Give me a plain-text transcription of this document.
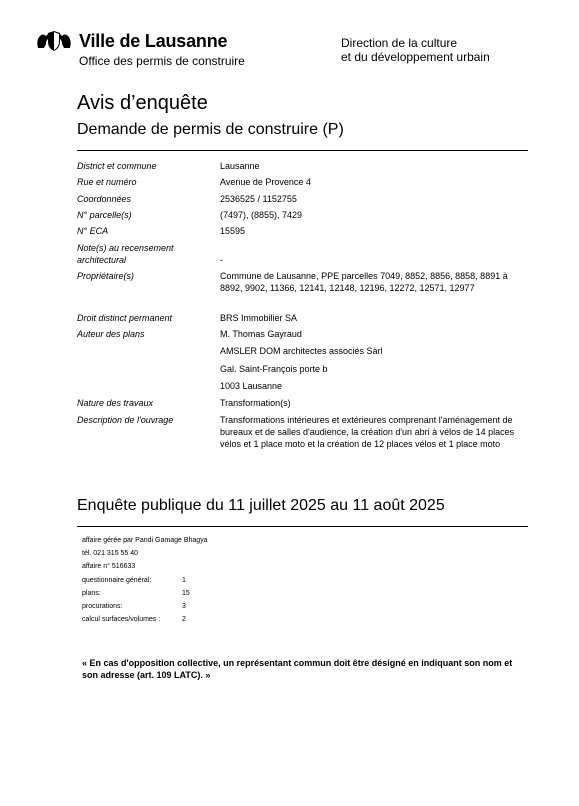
Ville de Lausanne
Office des permis de construire
Direction de la culture
et du développement urbain
Avis d’enquête
Demande de permis de construire (P)
District et commune	Lausanne
Rue et numéro	Avenue de Provence 4
Coordonnées	2536525 / 1152755
N° parcelle(s)	(7497), (8855), 7429
N° ECA	15595
Note(s) au recensement architectural	-
Propriétaire(s)	Commune de Lausanne, PPE parcelles 7049, 8852, 8856, 8858, 8891 à 8892, 9902, 11366, 12141, 12148, 12196, 12272, 12571, 12977
Droit distinct permanent	BRS Immobilier SA
Auteur des plans	M. Thomas Gayraud
AMSLER DOM architectes associés Sàrl
Gal. Saint-François porte b
1003 Lausanne
Nature des travaux	Transformation(s)
Description de l'ouvrage	Transformations intérieures et extérieures comprenant l'aménagement de bureaux et de salles d'audience, la création d'un abri à vélos de 14 places vélos et 1 place moto et la création de 12 places vélos et 1 place moto
Enquête publique du 11 juillet 2025 au 11 août 2025
affaire gérée par Pandi Gamage Bhagya
tél. 021 315 55 40
affaire n° 516633
questionnaire général:	1
plans:	15
procurations:	3
calcul surfaces/volumes :	2
« En cas d'opposition collective, un représentant commun doit être désigné en indiquant son nom et son adresse (art. 109 LATC). »
